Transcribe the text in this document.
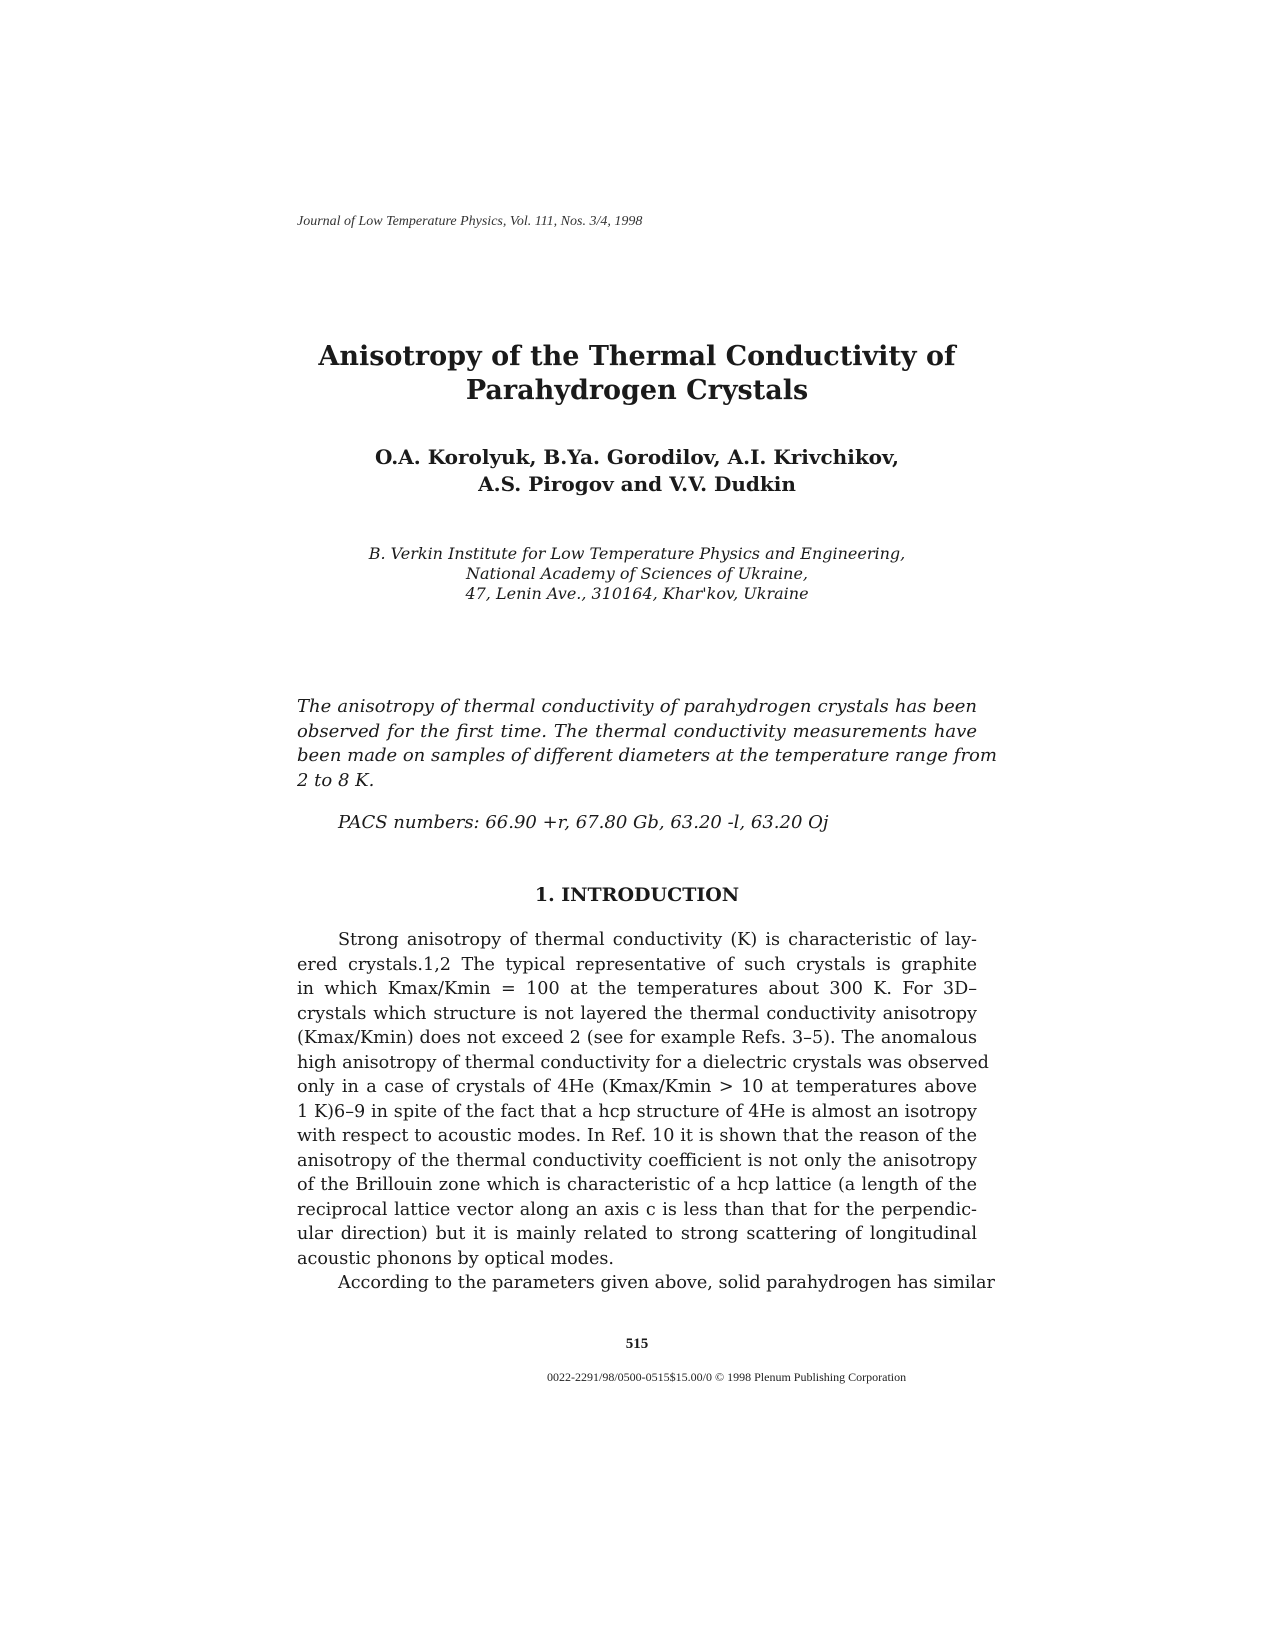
Journal of Low Temperature Physics, Vol. 111, Nos. 3/4, 1998
Anisotropy of the Thermal Conductivity of
Parahydrogen Crystals
O.A. Korolyuk, B.Ya. Gorodilov, A.I. Krivchikov,
A.S. Pirogov and V.V. Dudkin
B. Verkin Institute for Low Temperature Physics and Engineering,
National Academy of Sciences of Ukraine,
47, Lenin Ave., 310164, Khar'kov, Ukraine
The anisotropy of thermal conductivity of parahydrogen crystals has been
observed for the first time. The thermal conductivity measurements have
been made on samples of different diameters at the temperature range from
2 to 8 K.
PACS numbers: 66.90 +r, 67.80 Gb, 63.20 -l, 63.20 Oj
1. INTRODUCTION
Strong anisotropy of thermal conductivity (K) is characteristic of lay-
ered crystals.1,2 The typical representative of such crystals is graphite
in which Kmax/Kmin = 100 at the temperatures about 300 K. For 3D–
crystals which structure is not layered the thermal conductivity anisotropy
(Kmax/Kmin) does not exceed 2 (see for example Refs. 3–5). The anomalous
high anisotropy of thermal conductivity for a dielectric crystals was observed
only in a case of crystals of 4He (Kmax/Kmin > 10 at temperatures above
1 K)6–9 in spite of the fact that a hcp structure of 4He is almost an isotropy
with respect to acoustic modes. In Ref. 10 it is shown that the reason of the
anisotropy of the thermal conductivity coefficient is not only the anisotropy
of the Brillouin zone which is characteristic of a hcp lattice (a length of the
reciprocal lattice vector along an axis c is less than that for the perpendic-
ular direction) but it is mainly related to strong scattering of longitudinal
acoustic phonons by optical modes.
According to the parameters given above, solid parahydrogen has similar
515
0022-2291/98/0500-0515$15.00/0 © 1998 Plenum Publishing Corporation
